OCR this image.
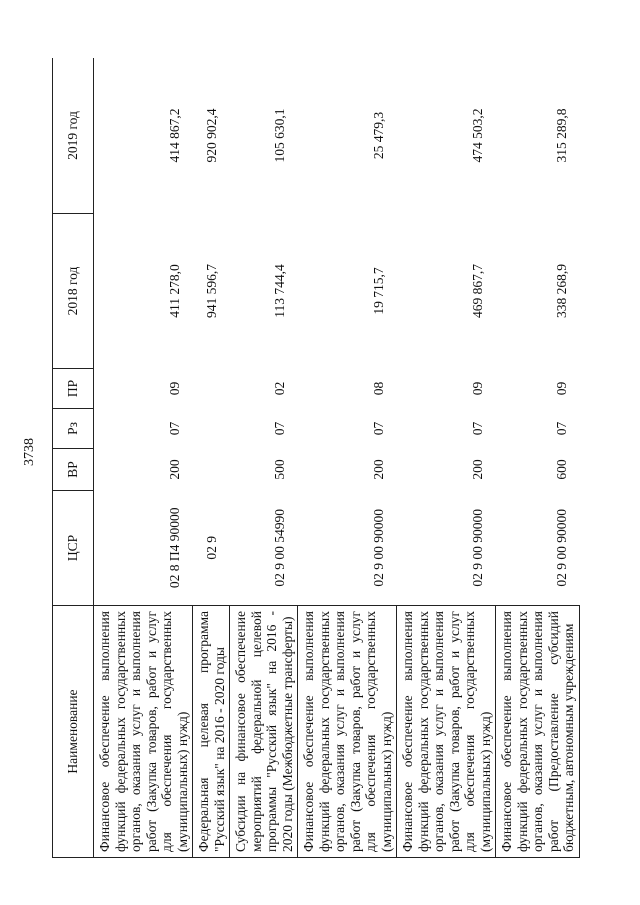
3738
Наименование	ЦСР	ВР	Рз	ПР	2018 год	2019 год
Финансовое обеспечение выполнения функций федеральных государственных органов, оказания услуг и выполнения работ (Закупка товаров, работ и услуг для обеспечения государственных (муниципальных) нужд)	02 8 П4 90000	200	07	09	411 278,0	414 867,2
Федеральная целевая программа "Русский язык" на 2016 - 2020 годы	02 9				941 596,7	920 902,4
Субсидии на финансовое обеспечение мероприятий федеральной целевой программы "Русский язык" на 2016 - 2020 годы (Межбюджетные трансферты)	02 9 00 54990	500	07	02	113 744,4	105 630,1
Финансовое обеспечение выполнения функций федеральных государственных органов, оказания услуг и выполнения работ (Закупка товаров, работ и услуг для обеспечения государственных (муниципальных) нужд)	02 9 00 90000	200	07	08	19 715,7	25 479,3
Финансовое обеспечение выполнения функций федеральных государственных органов, оказания услуг и выполнения работ (Закупка товаров, работ и услуг для обеспечения государственных (муниципальных) нужд)	02 9 00 90000	200	07	09	469 867,7	474 503,2
Финансовое обеспечение выполнения функций федеральных государственных органов, оказания услуг и выполнения работ (Предоставление субсидий бюджетным, автономным учреждениям	02 9 00 90000	600	07	09	338 268,9	315 289,8
